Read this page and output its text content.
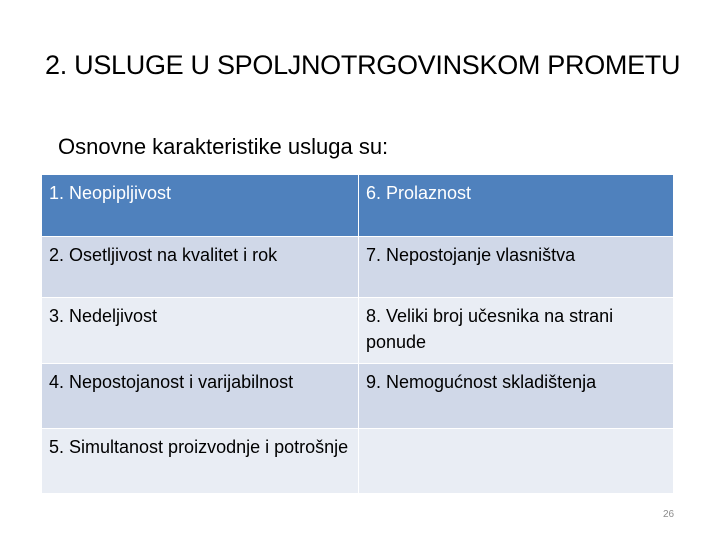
2. USLUGE U SPOLJNOTRGOVINSKOM PROMETU
Osnovne karakteristike usluga su:
1. Neopipljivost	6. Prolaznost
2. Osetljivost na kvalitet i rok	7. Nepostojanje vlasništva
3. Nedeljivost	8. Veliki broj učesnika na strani ponude
4. Nepostojanost i varijabilnost	9. Nemogućnost skladištenja
5. Simultanost proizvodnje i potrošnje	
26
